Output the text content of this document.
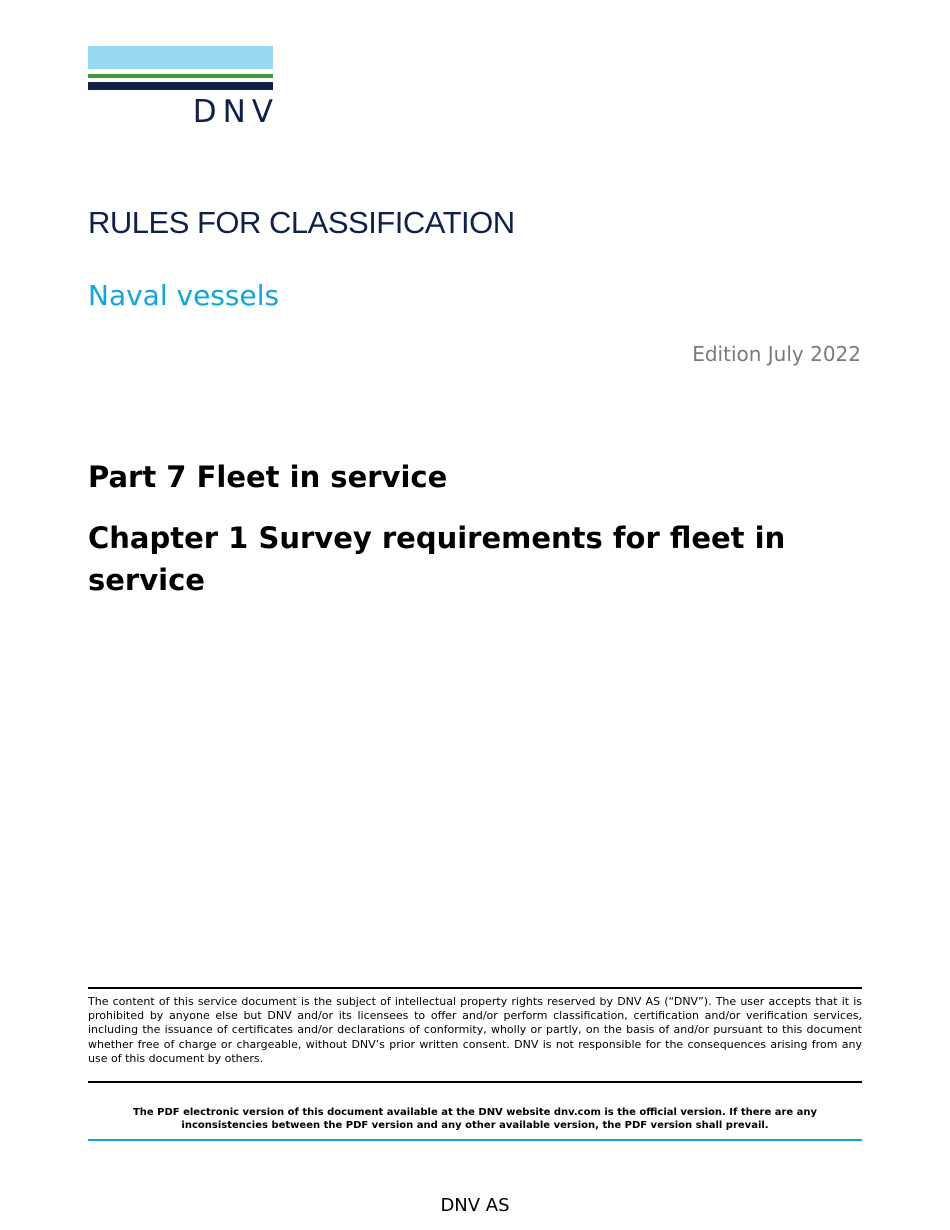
DNV
RULES FOR CLASSIFICATION
Naval vessels
Edition July 2022
Part 7 Fleet in service
Chapter 1 Survey requirements for fleet in service
The content of this service document is the subject of intellectual property rights reserved by DNV AS (“DNV”). The user accepts that it is prohibited by anyone else but DNV and/or its licensees to offer and/or perform classification, certification and/or verification services, including the issuance of certificates and/or declarations of conformity, wholly or partly, on the basis of and/or pursuant to this document whether free of charge or chargeable, without DNV’s prior written consent. DNV is not responsible for the consequences arising from any use of this document by others.
The PDF electronic version of this document available at the DNV website dnv.com is the official version. If there are any inconsistencies between the PDF version and any other available version, the PDF version shall prevail.
DNV AS
